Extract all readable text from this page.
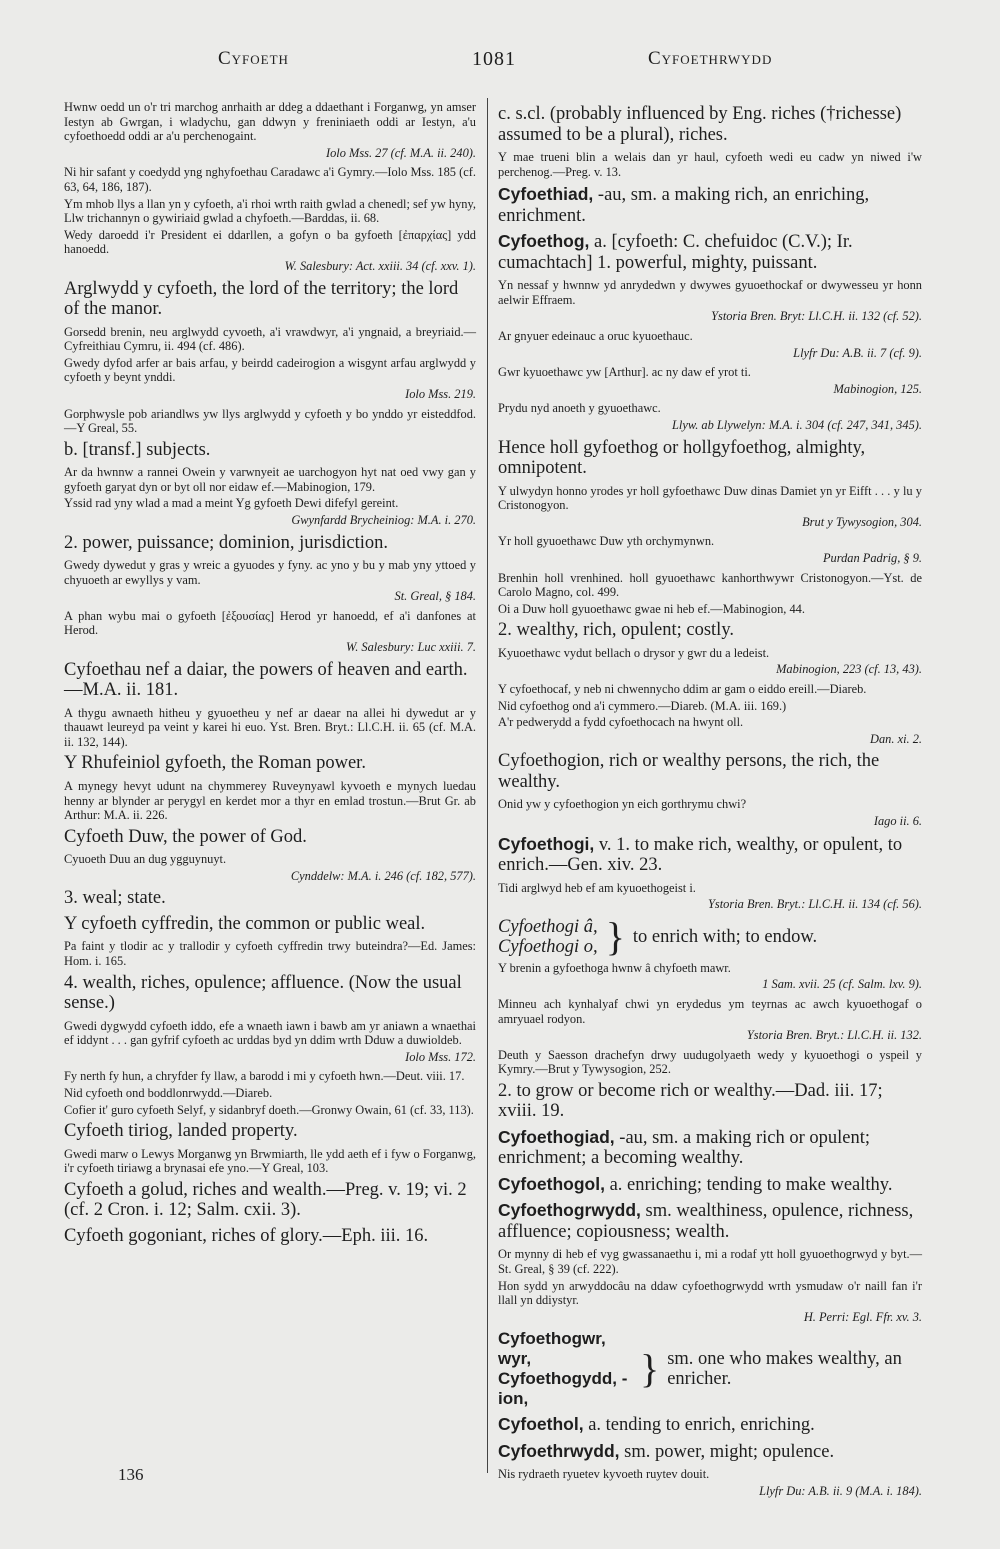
Cyfoeth	1081	Cyfoethrwydd
Hwnw oedd un o'r tri marchog anrhaith ar ddeg a ddaethant i Forganwg, yn amser Iestyn ab Gwrgan, i wladychu, gan ddwyn y freniniaeth oddi ar Iestyn, a'u cyfoethoedd oddi ar a'u perchenogaint.
Iolo Mss. 27 (cf. M.A. ii. 240).
Ni hir safant y coedydd yng nghyfoethau Caradawc a'i Gymry.—Iolo Mss. 185 (cf. 63, 64, 186, 187).
Ym mhob llys a llan yn y cyfoeth, a'i rhoi wrth raith gwlad a chenedl; sef yw hyny, Llw trichannyn o gywiriaid gwlad a chyfoeth.—Barddas, ii. 68.
Wedy daroedd i'r President ei ddarllen, a gofyn o ba gyfoeth [ἐπαρχίας] ydd hanoedd.
W. Salesbury: Act. xxiii. 34 (cf. xxv. 1).
Arglwydd y cyfoeth, the lord of the territory; the lord of the manor.
Gorsedd brenin, neu arglwydd cyvoeth, a'i vrawdwyr, a'i yngnaid, a breyriaid.—Cyfreithiau Cymru, ii. 494 (cf. 486).
Gwedy dyfod arfer ar bais arfau, y beirdd cadeirogion a wisgynt arfau arglwydd y cyfoeth y beynt ynddi.
Iolo Mss. 219.
Gorphwysle pob ariandlws yw llys arglwydd y cyfoeth y bo ynddo yr eisteddfod.—Y Greal, 55.
b. [transf.] subjects.
Ar da hwnnw a rannei Owein y varwnyeit ae uarchogyon hyt nat oed vwy gan y gyfoeth garyat dyn or byt oll nor eidaw ef.—Mabinogion, 179.
Yssid rad yny wlad a mad a meint Yg gyfoeth Dewi difefyl gereint.
Gwynfardd Brycheiniog: M.A. i. 270.
2. power, puissance; dominion, jurisdiction.
Gwedy dywedut y gras y wreic a gyuodes y fyny. ac yno y bu y mab yny yttoed y chyuoeth ar ewyllys y vam.
St. Greal, § 184.
A phan wybu mai o gyfoeth [ἐξουσίας] Herod yr hanoedd, ef a'i danfones at Herod.
W. Salesbury: Luc xxiii. 7.
Cyfoethau nef a daiar, the powers of heaven and earth.—M.A. ii. 181.
A thygu awnaeth hitheu y gyuoetheu y nef ar daear na allei hi dywedut ar y thauawt leureyd pa veint y karei hi euo. Yst. Bren. Bryt.: Ll.C.H. ii. 65 (cf. M.A. ii. 132, 144).
Y Rhufeiniol gyfoeth, the Roman power.
A mynegy hevyt udunt na chymmerey Ruveynyawl kyvoeth e mynych luedau henny ar blynder ar perygyl en kerdet mor a thyr en emlad trostun.—Brut Gr. ab Arthur: M.A. ii. 226.
Cyfoeth Duw, the power of God.
Cyuoeth Duu an dug ygguynuyt.
Cynddelw: M.A. i. 246 (cf. 182, 577).
3. weal; state.
Y cyfoeth cyffredin, the common or public weal.
Pa faint y tlodir ac y trallodir y cyfoeth cyffredin trwy buteindra?—Ed. James: Hom. i. 165.
4. wealth, riches, opulence; affluence. (Now the usual sense.)
Gwedi dygwydd cyfoeth iddo, efe a wnaeth iawn i bawb am yr aniawn a wnaethai ef iddynt . . . gan gyfrif cyfoeth ac urddas byd yn ddim wrth Dduw a duwioldeb.
Iolo Mss. 172.
Fy nerth fy hun, a chryfder fy llaw, a barodd i mi y cyfoeth hwn.—Deut. viii. 17.
Nid cyfoeth ond boddlonrwydd.—Diareb.
Cofier it' guro cyfoeth Selyf, y sidanbryf doeth.—Gronwy Owain, 61 (cf. 33, 113).
Cyfoeth tiriog, landed property.
Gwedi marw o Lewys Morganwg yn Brwmiarth, lle ydd aeth ef i fyw o Forganwg, i'r cyfoeth tiriawg a brynasai efe yno.—Y Greal, 103.
Cyfoeth a golud, riches and wealth.—Preg. v. 19; vi. 2 (cf. 2 Cron. i. 12; Salm. cxii. 3).
Cyfoeth gogoniant, riches of glory.—Eph. iii. 16.
c. s.cl. (probably influenced by Eng. riches (†richesse) assumed to be a plural), riches.
Y mae trueni blin a welais dan yr haul, cyfoeth wedi eu cadw yn niwed i'w perchenog.—Preg. v. 13.
Cyfoethiad, -au, sm. a making rich, an enriching, enrichment.
Cyfoethog, a. [cyfoeth: C. chefuidoc (C.V.); Ir. cumachtach] 1. powerful, mighty, puissant.
Yn nessaf y hwnnw yd anrydedwn y dwywes gyuoethockaf or dwywesseu yr honn aelwir Effraem.
Ystoria Bren. Bryt: Ll.C.H. ii. 132 (cf. 52).
Ar gnyuer edeinauc a oruc kyuoethauc.
Llyfr Du: A.B. ii. 7 (cf. 9).
Gwr kyuoethawc yw [Arthur]. ac ny daw ef yrot ti.
Mabinogion, 125.
Prydu nyd anoeth y gyuoethawc.
Llyw. ab Llywelyn: M.A. i. 304 (cf. 247, 341, 345).
Hence holl gyfoethog or hollgyfoethog, almighty, omnipotent.
Y ulwydyn honno yrodes yr holl gyfoethawc Duw dinas Damiet yn yr Eifft . . . y lu y Cristonogyon.
Brut y Tywysogion, 304.
Yr holl gyuoethawc Duw yth orchymynwn.
Purdan Padrig, § 9.
Brenhin holl vrenhined. holl gyuoethawc kanhorthwywr Cristonogyon.—Yst. de Carolo Magno, col. 499.
Oi a Duw holl gyuoethawc gwae ni heb ef.—Mabinogion, 44.
2. wealthy, rich, opulent; costly.
Kyuoethawc vydut bellach o drysor y gwr du a ledeist.
Mabinogion, 223 (cf. 13, 43).
Y cyfoethocaf, y neb ni chwennycho ddim ar gam o eiddo ereill.—Diareb.
Nid cyfoethog ond a'i cymmero.—Diareb. (M.A. iii. 169.)
A'r pedwerydd a fydd cyfoethocach na hwynt oll.
Dan. xi. 2.
Cyfoethogion, rich or wealthy persons, the rich, the wealthy.
Onid yw y cyfoethogion yn eich gorthrymu chwi?
Iago ii. 6.
Cyfoethogi, v. 1. to make rich, wealthy, or opulent, to enrich.—Gen. xiv. 23.
Tidi arglwyd heb ef am kyuoethogeist i.
Ystoria Bren. Bryt.: Ll.C.H. ii. 134 (cf. 56).
Cyfoethogi â,
Cyfoethogi o, } to enrich with; to endow.
Y brenin a gyfoethoga hwnw â chyfoeth mawr.
1 Sam. xvii. 25 (cf. Salm. lxv. 9).
Minneu ach kynhalyaf chwi yn erydedus ym teyrnas ac awch kyuoethogaf o amryuael rodyon.
Ystoria Bren. Bryt.: Ll.C.H. ii. 132.
Deuth y Saesson drachefyn drwy uudugolyaeth wedy y kyuoethogi o yspeil y Kymry.—Brut y Tywysogion, 252.
2. to grow or become rich or wealthy.—Dad. iii. 17; xviii. 19.
Cyfoethogiad, -au, sm. a making rich or opulent; enrichment; a becoming wealthy.
Cyfoethogol, a. enriching; tending to make wealthy.
Cyfoethogrwydd, sm. wealthiness, opulence, richness, affluence; copiousness; wealth.
Or mynny di heb ef vyg gwassanaethu i, mi a rodaf ytt holl gyuoethogrwyd y byt.—St. Greal, § 39 (cf. 222).
Hon sydd yn arwyddocâu na ddaw cyfoethogrwydd wrth ysmudaw o'r naill fan i'r llall yn ddiystyr.
H. Perri: Egl. Ffr. xv. 3.
Cyfoethogwr, wyr,
Cyfoethogydd, -ion,
} sm. one who makes wealthy, an enricher.
Cyfoethol, a. tending to enrich, enriching.
Cyfoethrwydd, sm. power, might; opulence.
Nis rydraeth ryuetev kyvoeth ruytev douit.
Llyfr Du: A.B. ii. 9 (M.A. i. 184).
136
